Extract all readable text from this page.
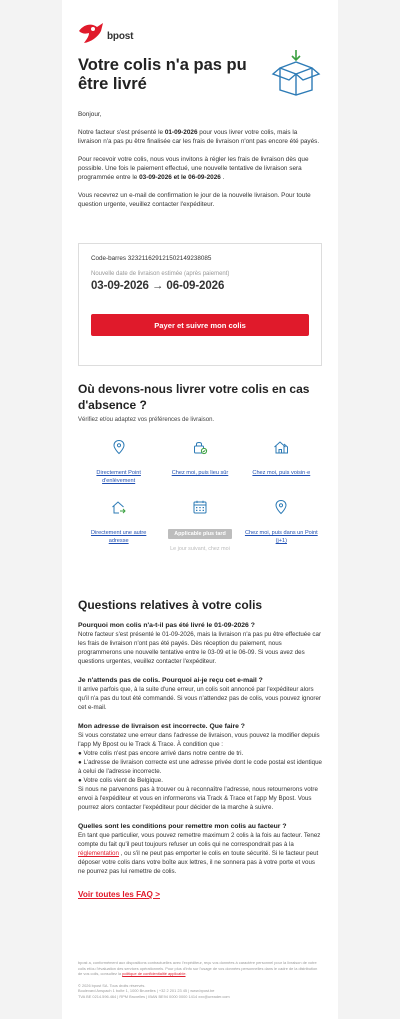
bpost
Votre colis n'a pas pu être livré

Bonjour,

Notre facteur s'est présenté le 01-09-2026 pour vous livrer votre colis, mais la livraison n'a pas pu être finalisée car les frais de livraison n'ont pas encore été payés.

Pour recevoir votre colis, nous vous invitons à régler les frais de livraison dès que possible. Une fois le paiement effectué, une nouvelle tentative de livraison sera programmée entre le 03-09-2026 et le 06-09-2026 .

Vous recevrez un e-mail de confirmation le jour de la nouvelle livraison. Pour toute question urgente, veuillez contacter l'expéditeur.

Code-barres 323211629121502149238085
Nouvelle date de livraison estimée (après paiement)
03-09-2026 → 06-09-2026
Payer et suivre mon colis
Où devons-nous livrer votre colis en cas d'absence ?
Vérifiez et/ou adaptez vos préférences de livraison.
Directement Point d'enlèvement
Chez moi, puis lieu sûr	Chez moi, puis voisin·e
Directement une autre adresse
Applicable plus tard
Le jour suivant, chez moi
Chez moi, puis dans un Point (j+1)
Questions relatives à votre colis
Pourquoi mon colis n'a-t-il pas été livré le 01-09-2026 ?
Notre facteur s'est présenté le 01-09-2026, mais la livraison n'a pas pu être effectuée car les frais de livraison n'ont pas été payés. Dès réception du paiement, nous programmerons une nouvelle tentative entre le 03-09 et le 06-09. Si vous avez des questions urgentes, veuillez contacter l'expéditeur.
Je n'attends pas de colis. Pourquoi ai-je reçu cet e-mail ?
Il arrive parfois que, à la suite d'une erreur, un colis soit annoncé par l'expéditeur alors qu'il n'a pas du tout été commandé. Si vous n'attendez pas de colis, vous pouvez ignorer cet e-mail.
Mon adresse de livraison est incorrecte. Que faire ?
Si vous constatez une erreur dans l'adresse de livraison, vous pouvez la modifier depuis l'app My Bpost ou le Track & Trace. À condition que :
● Votre colis n'est pas encore arrivé dans notre centre de tri.
● L'adresse de livraison correcte est une adresse privée dont le code postal est identique à celui de l'adresse incorrecte.
● Votre colis vient de Belgique.
Si nous ne parvenons pas à trouver ou à reconnaître l'adresse, nous retournerons votre envoi à l'expéditeur et vous en informerons via Track & Trace et l'app My Bpost. Vous pourrez alors contacter l'expéditeur pour décider de la marche à suivre.
Quelles sont les conditions pour remettre mon colis au facteur ?
En tant que particulier, vous pouvez remettre maximum 2 colis à la fois au facteur. Tenez compte du fait qu'il peut toujours refuser un colis qui ne correspondrait pas à la réglementation , ou s'il ne peut pas emporter le colis en toute sécurité. Si le facteur peut déposer votre colis dans votre boîte aux lettres, il ne sonnera pas à votre porte et vous ne pourrez pas lui remettre de colis.
Voir toutes les FAQ >

bpost a, conformément aux dispositions contractuelles avec l'expéditeur, reçu vos données à caractère personnel pour la livraison de votre colis et/ou l'évaluation des services opérationnels. Pour plus d'info sur l'usage de vos données personnelles dans le cadre de la distribution de vos colis, consultez la politique de confidentialité applicable.

© 2026 bpost SA. Tous droits réservés.

Boulevard Anspach 1 boîte 1, 1000 Bruxelles | +32 2 201 23 45 | www.bpost.be

TVA BE 0214.596.464 | RPM Bruxelles | IBAN BE94 0000 0000 1414 xxx@ureader.com
